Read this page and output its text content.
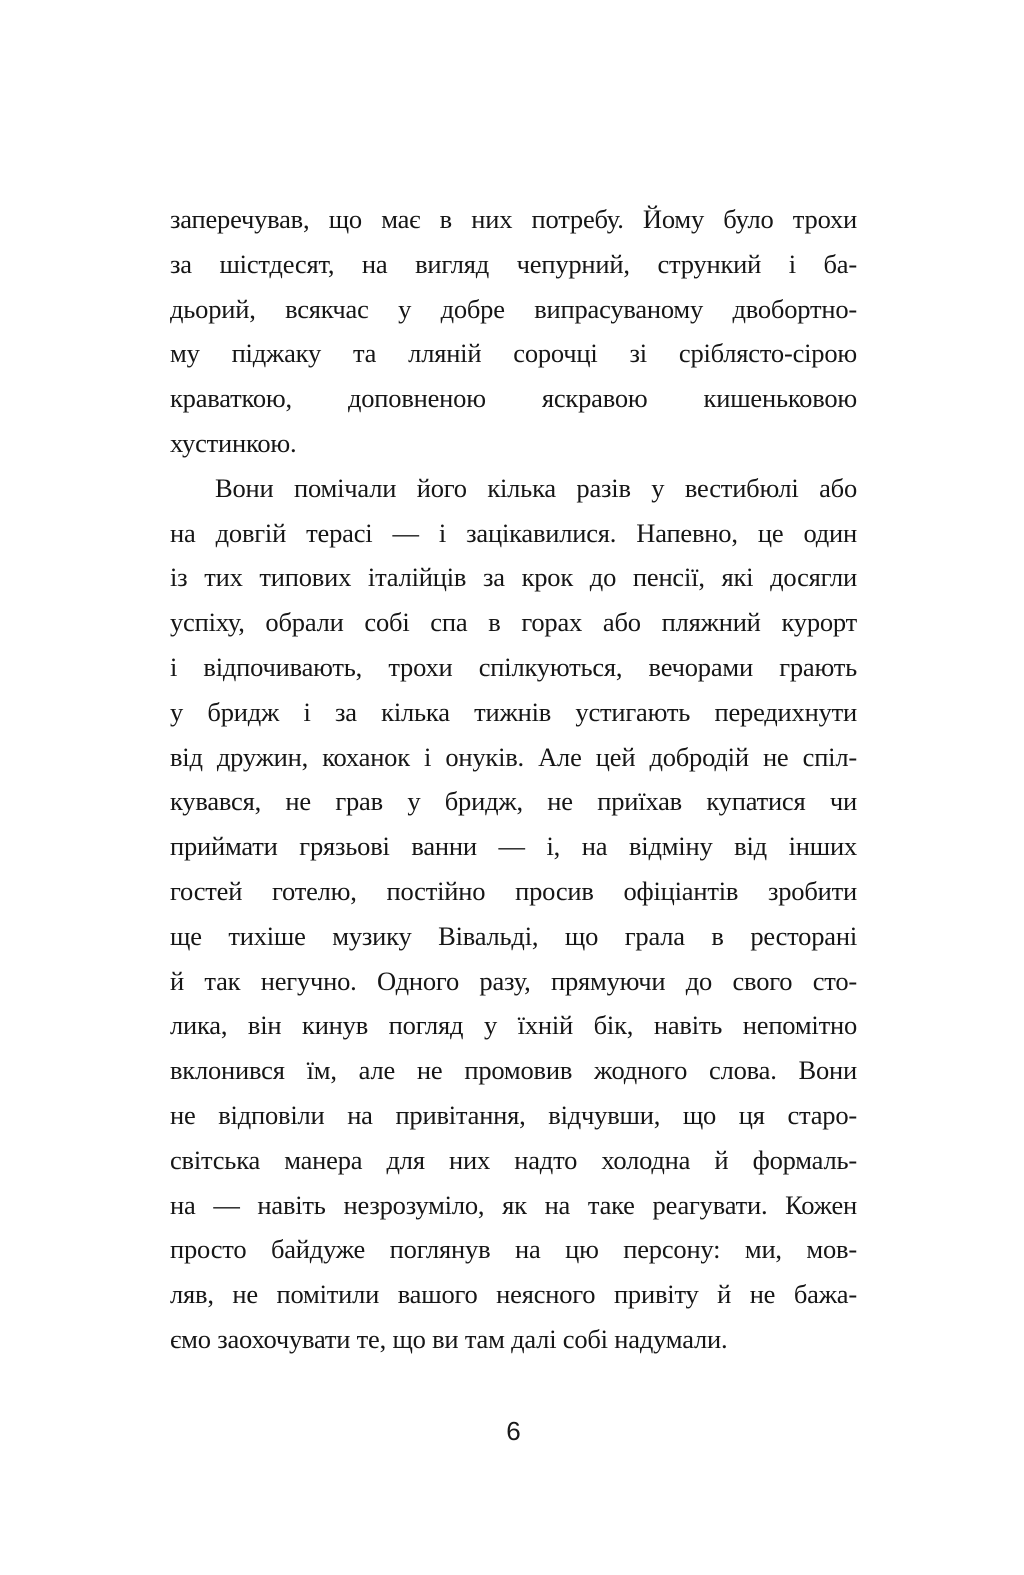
заперечував, що має в них потребу. Йому було трохи
за шістдесят, на вигляд чепурний, стрункий і ба-
дьорий, всякчас у добре випрасуваному двобортно-
му піджаку та лляній сорочці зі сріблясто-сірою
краваткою, доповненою яскравою кишеньковою
хустинкою.
Вони помічали його кілька разів у вестибюлі або
на довгій терасі — і зацікавилися. Напевно, це один
із тих типових італійців за крок до пенсії, які досягли
успіху, обрали собі спа в горах або пляжний курорт
і відпочивають, трохи спілкуються, вечорами грають
у бридж і за кілька тижнів устигають передихнути
від дружин, коханок і онуків. Але цей добродій не спіл-
кувався, не грав у бридж, не приїхав купатися чи
приймати грязьові ванни — і, на відміну від інших
гостей готелю, постійно просив офіціантів зробити
ще тихіше музику Вівальді, що грала в ресторані
й так негучно. Одного разу, прямуючи до свого сто-
лика, він кинув погляд у їхній бік, навіть непомітно
вклонився їм, але не промовив жодного слова. Вони
не відповіли на привітання, відчувши, що ця старо-
світська манера для них надто холодна й формаль-
на — навіть незрозуміло, як на таке реагувати. Кожен
просто байдуже поглянув на цю персону: ми, мов-
ляв, не помітили вашого неясного привіту й не бажа-
ємо заохочувати те, що ви там далі собі надумали.
6
